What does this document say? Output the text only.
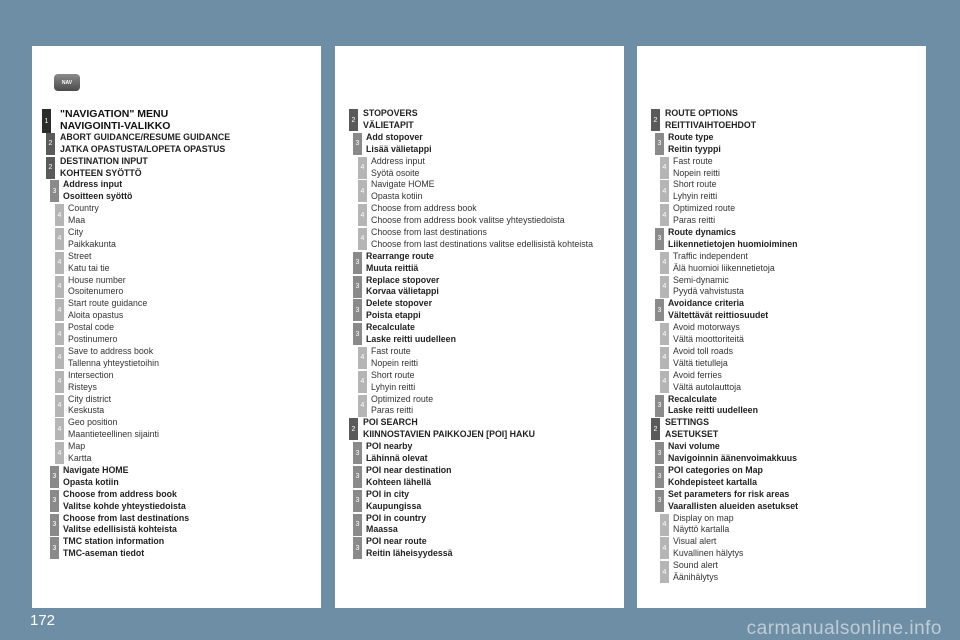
NAV
1
"NAVIGATION" MENU
NAVIGOINTI-VALIKKO
2
ABORT GUIDANCE/RESUME GUIDANCE
JATKA OPASTUSTA/LOPETA OPASTUS
2
DESTINATION INPUT
KOHTEEN SYÖTTÖ
3
Address input
Osoitteen syöttö
4
Country
Maa
4
City
Paikkakunta
4
Street
Katu tai tie
4
House number
Osoitenumero
4
Start route guidance
Aloita opastus
4
Postal code
Postinumero
4
Save to address book
Tallenna yhteystietoihin
4
Intersection
Risteys
4
City district
Keskusta
4
Geo position
Maantieteellinen sijainti
4
Map
Kartta
3
Navigate HOME
Opasta kotiin
3
Choose from address book
Valitse kohde yhteystiedoista
3
Choose from last destinations
Valitse edellisistä kohteista
3
TMC station information
TMC-aseman tiedot
2
STOPOVERS
VÄLIETAPIT
3
Add stopover
Lisää välietappi
4
Address input
Syötä osoite
4
Navigate HOME
Opasta kotiin
4
Choose from address book
Choose from address book valitse yhteystiedoista
4
Choose from last destinations
Choose from last destinations valitse edellisistä kohteista
3
Rearrange route
Muuta reittiä
3
Replace stopover
Korvaa välietappi
3
Delete stopover
Poista etappi
3
Recalculate
Laske reitti uudelleen
4
Fast route
Nopein reitti
4
Short route
Lyhyin reitti
4
Optimized route
Paras reitti
2
POI SEARCH
KIINNOSTAVIEN PAIKKOJEN [POI] HAKU
3
POI nearby
Lähinnä olevat
3
POI near destination
Kohteen lähellä
3
POI in city
Kaupungissa
3
POI in country
Maassa
3
POI near route
Reitin läheisyydessä
2
ROUTE OPTIONS
REITTIVAIHTOEHDOT
3
Route type
Reitin tyyppi
4
Fast route
Nopein reitti
4
Short route
Lyhyin reitti
4
Optimized route
Paras reitti
3
Route dynamics
Liikennetietojen huomioiminen
4
Traffic independent
Älä huomioi liikennetietoja
4
Semi-dynamic
Pyydä vahvistusta
3
Avoidance criteria
Vältettävät reittiosuudet
4
Avoid motorways
Vältä moottoriteitä
4
Avoid toll roads
Vältä tietulleja
4
Avoid ferries
Vältä autolauttoja
3
Recalculate
Laske reitti uudelleen
2
SETTINGS
ASETUKSET
3
Navi volume
Navigoinnin äänenvoimakkuus
3
POI categories on Map
Kohdepisteet kartalla
3
Set parameters for risk areas
Vaarallisten alueiden asetukset
4
Display on map
Näyttö kartalla
4
Visual alert
Kuvallinen hälytys
4
Sound alert
Äänihälytys
172	carmanualsonline.info
